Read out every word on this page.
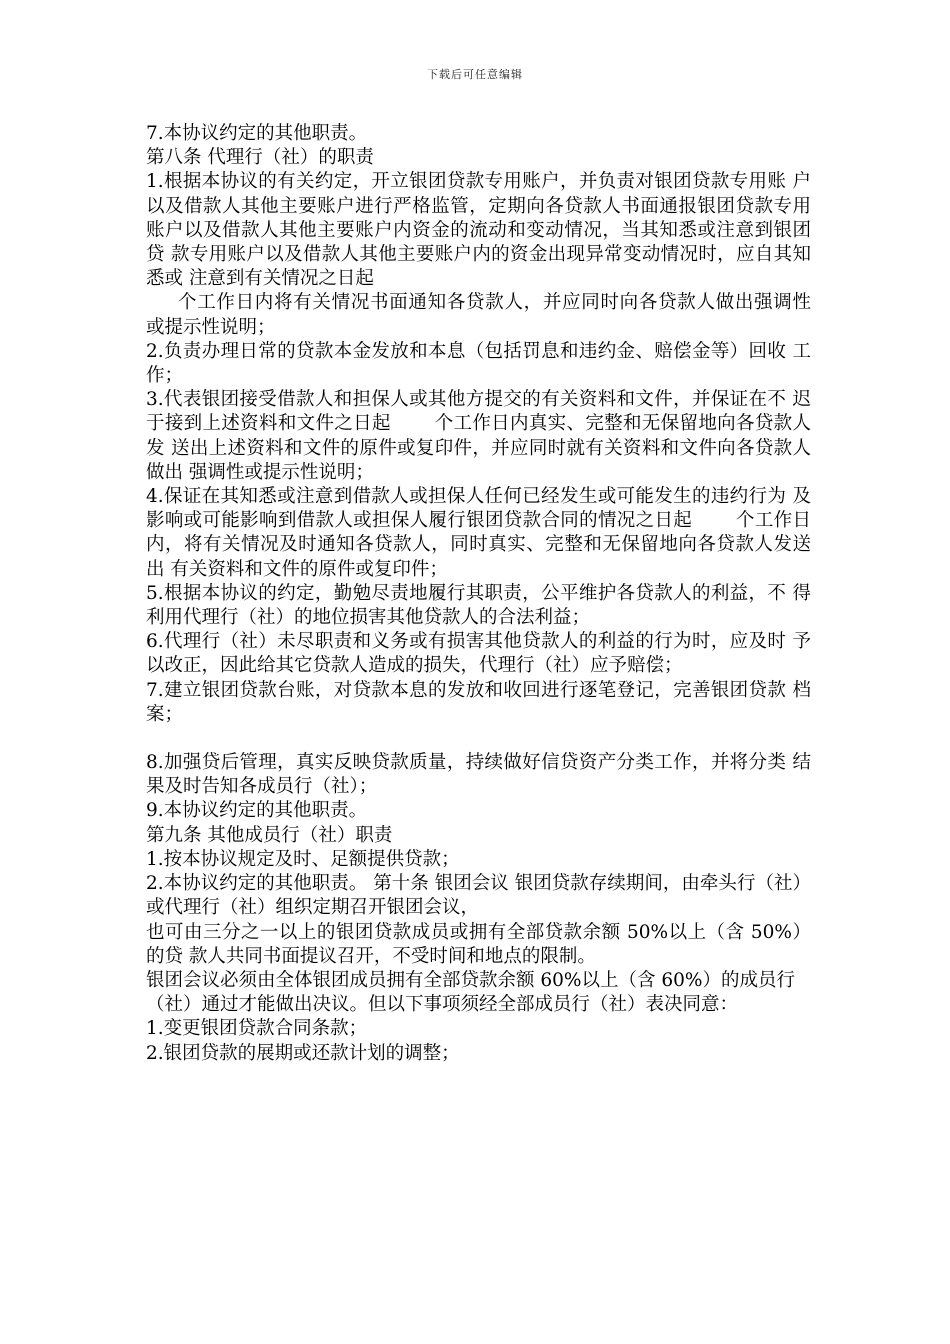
下载后可任意编辑

7.本协议约定的其他职责。

第八条 代理行（社）的职责

1.根据本协议的有关约定，开立银团贷款专用账户，并负责对银团贷款专用账 户以及借款人其他主要账户进行严格监管，定期向各贷款人书面通报银团贷款专用 账户以及借款人其他主要账户内资金的流动和变动情况，当其知悉或注意到银团贷 款专用账户以及借款人其他主要账户内的资金出现异常变动情况时，应自其知悉或 注意到有关情况之日起

个工作日内将有关情况书面通知各贷款人，并应同时向各贷款人做出强调性 或提示性说明；

2.负责办理日常的贷款本金发放和本息（包括罚息和违约金、赔偿金等）回收 工作；

3.代表银团接受借款人和担保人或其他方提交的有关资料和文件，并保证在不 迟于接到上述资料和文件之日起 　　个工作日内真实、完整和无保留地向各贷款人发 送出上述资料和文件的原件或复印件，并应同时就有关资料和文件向各贷款人做出 强调性或提示性说明；

4.保证在其知悉或注意到借款人或担保人任何已经发生或可能发生的违约行为 及影响或可能影响到借款人或担保人履行银团贷款合同的情况之日起 　　个工作日 内，将有关情况及时通知各贷款人，同时真实、完整和无保留地向各贷款人发送出 有关资料和文件的原件或复印件；

5.根据本协议的约定，勤勉尽责地履行其职责，公平维护各贷款人的利益，不 得利用代理行（社）的地位损害其他贷款人的合法利益；

6.代理行（社）未尽职责和义务或有损害其他贷款人的利益的行为时，应及时 予以改正，因此给其它贷款人造成的损失，代理行（社）应予赔偿；

7.建立银团贷款台账，对贷款本息的发放和收回进行逐笔登记，完善银团贷款 档案；

8.加强贷后管理，真实反映贷款质量，持续做好信贷资产分类工作，并将分类 结果及时告知各成员行（社）；

9.本协议约定的其他职责。

第九条 其他成员行（社）职责

1.按本协议规定及时、足额提供贷款；

2.本协议约定的其他职责。 第十条 银团会议 银团贷款存续期间，由牵头行（社）或代理行（社）组织定期召开银团会议，

也可由三分之一以上的银团贷款成员或拥有全部贷款余额 50%以上（含 50%）的贷 款人共同书面提议召开，不受时间和地点的限制。

银团会议必须由全体银团成员拥有全部贷款余额 60%以上（含 60%）的成员行

（社）通过才能做出决议。但以下事项须经全部成员行（社）表决同意：

1.变更银团贷款合同条款；

2.银团贷款的展期或还款计划的调整；
